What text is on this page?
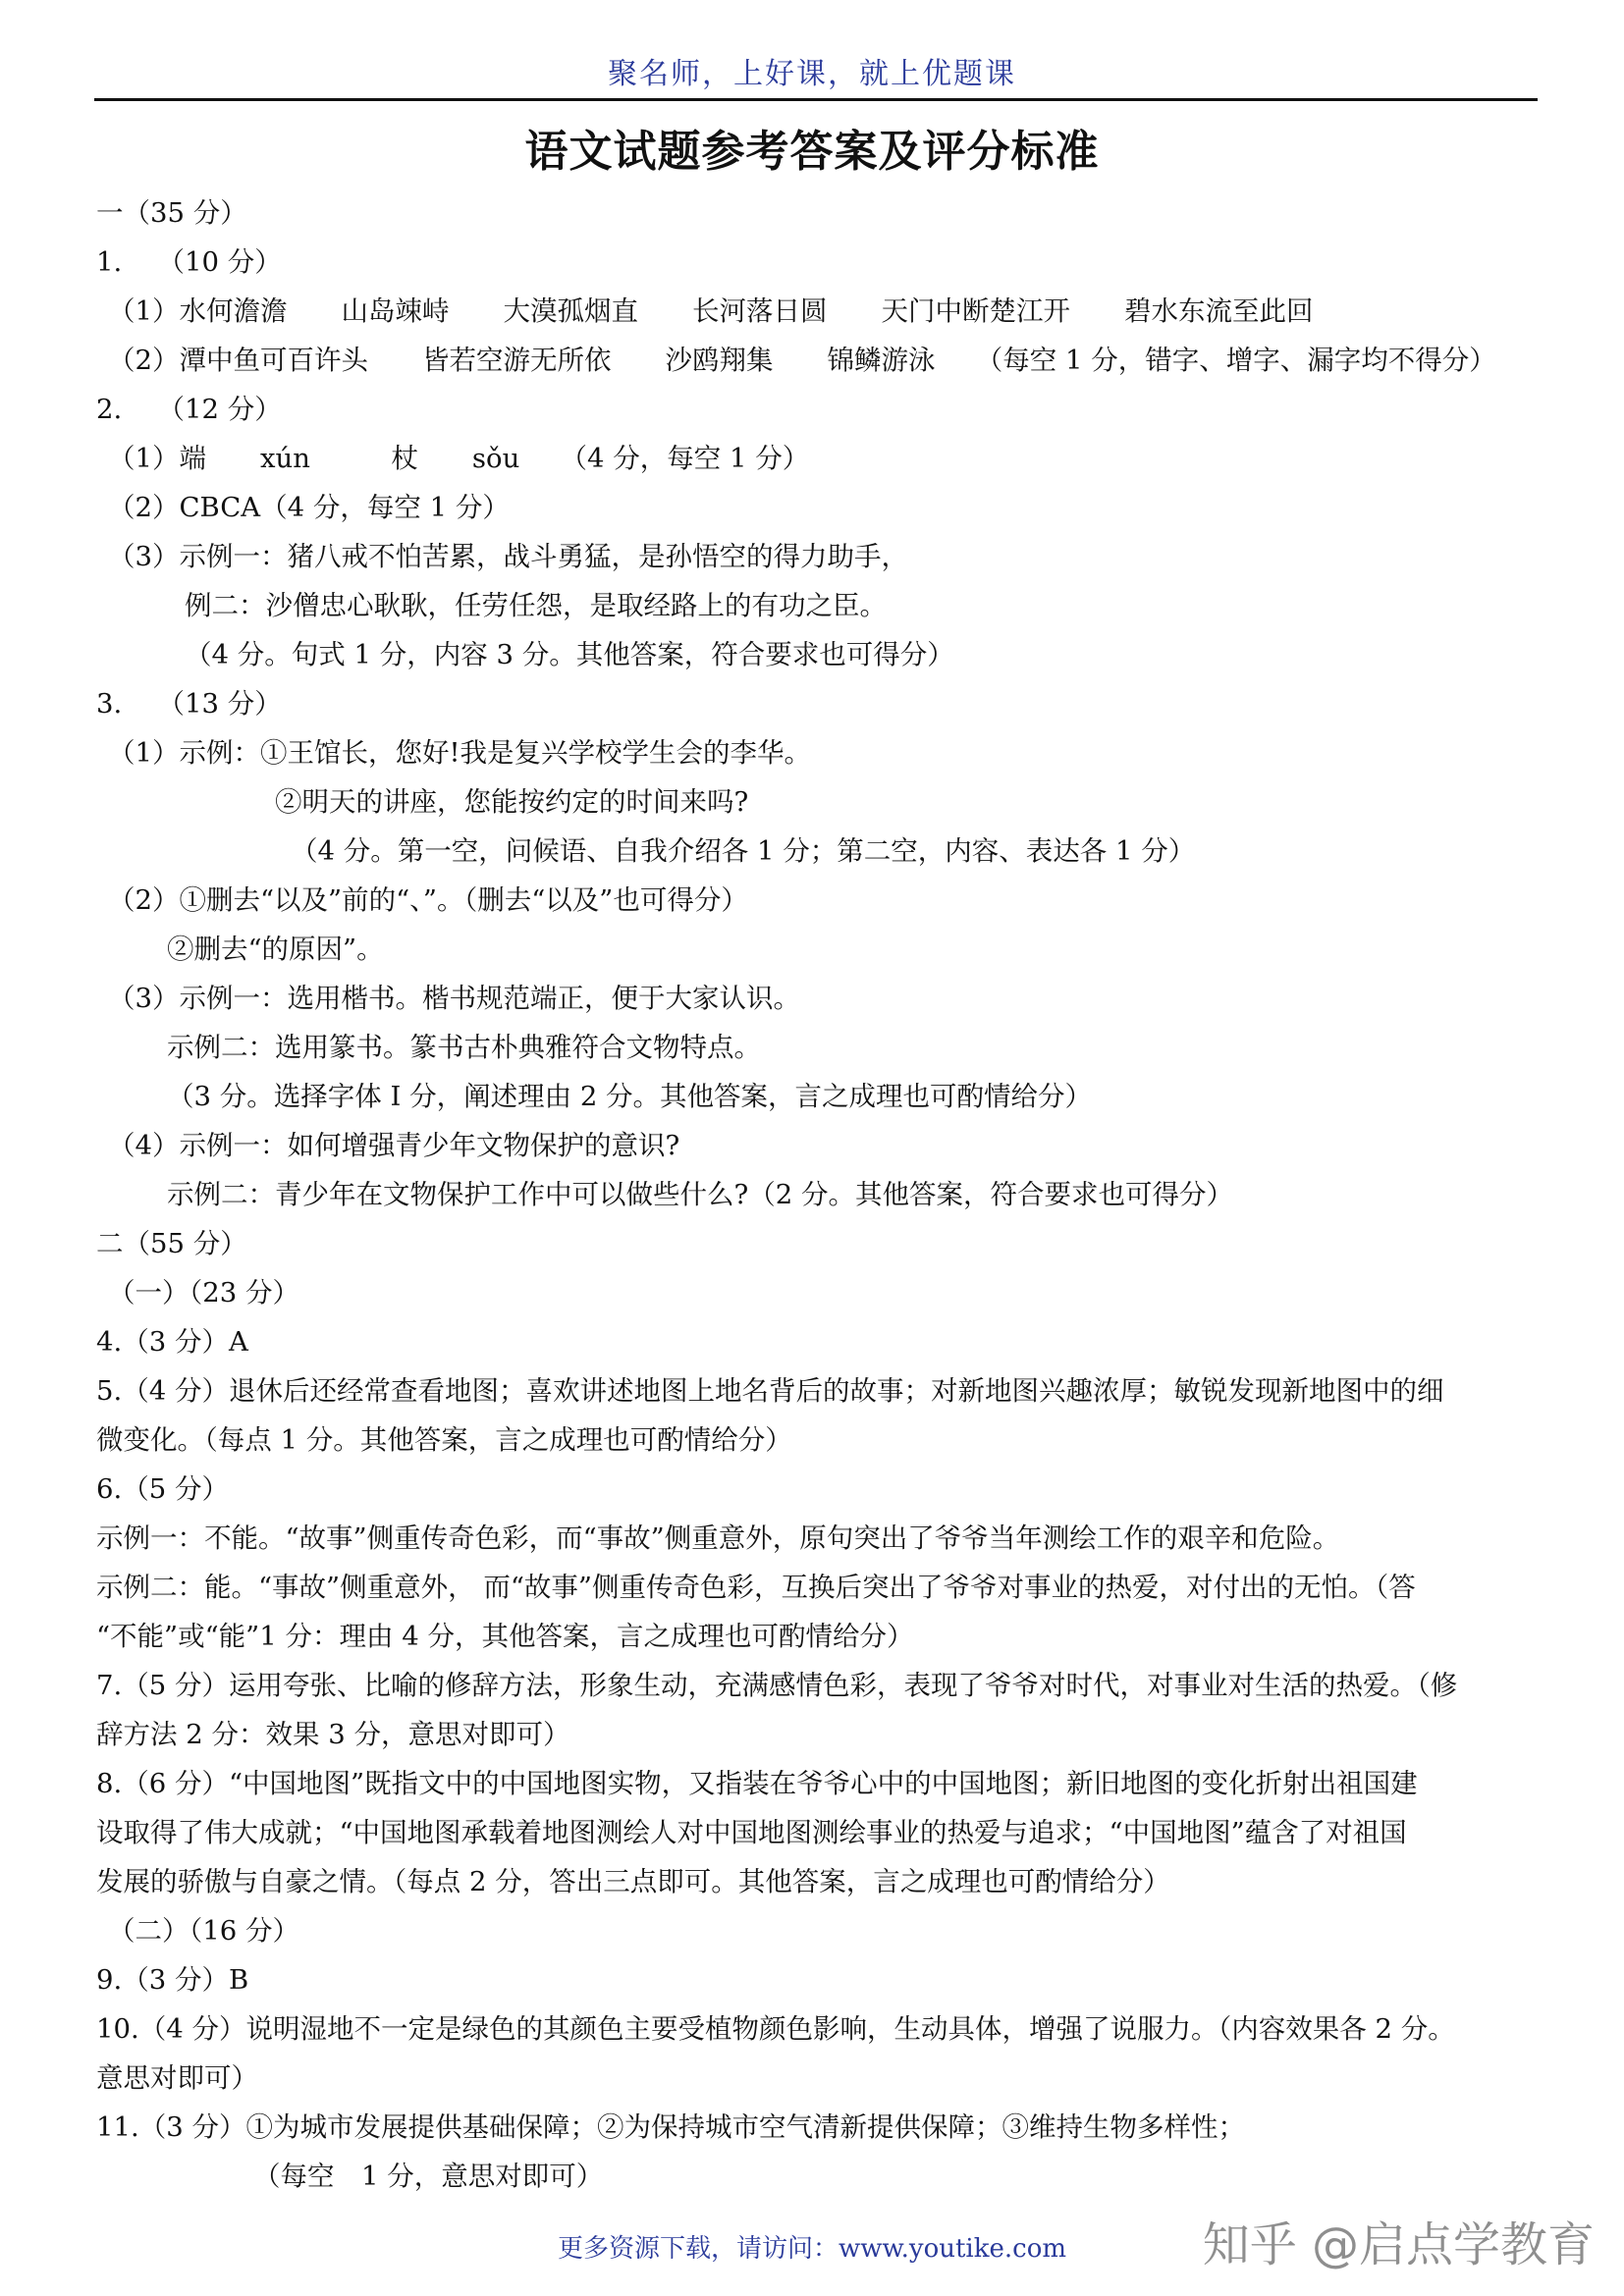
聚名师，上好课，就上优题课
语文试题参考答案及评分标准
一（35 分）
1.　 （10 分）
（1）水何澹澹　　山岛竦峙　　大漠孤烟直　　长河落日圆　　天门中断楚江开　　碧水东流至此回
（2）潭中鱼可百许头　　皆若空游无所依　　沙鸥翔集　　锦鳞游泳　　（每空 1 分，错字、增字、漏字均不得分）
2.　 （12 分）
（1）端　　xún　　　杖　　sǒu　　（4 分，每空 1 分）
（2）CBCA（4 分，每空 1 分）
（3）示例一：猪八戒不怕苦累，战斗勇猛，是孙悟空的得力助手，
例二：沙僧忠心耿耿，任劳任怨，是取经路上的有功之臣。
（4 分。句式 1 分，内容 3 分。其他答案，符合要求也可得分）
3.　 （13 分）
（1）示例：①王馆长，您好!我是复兴学校学生会的李华。
②明天的讲座，您能按约定的时间来吗?
（4 分。第一空，问候语、自我介绍各 1 分；第二空，内容、表达各 1 分）
（2）①删去“以及”前的“、”。（删去“以及”也可得分）
②删去“的原因”。
（3）示例一：选用楷书。楷书规范端正，便于大家认识。
示例二：选用篆书。篆书古朴典雅符合文物特点。
（3 分。选择字体 I 分，阐述理由 2 分。其他答案，言之成理也可酌情给分）
（4）示例一：如何增强青少年文物保护的意识?
示例二：青少年在文物保护工作中可以做些什么?（2 分。其他答案，符合要求也可得分）
二（55 分）
（一）（23 分）
4.（3 分）A
5.（4 分）退休后还经常查看地图；喜欢讲述地图上地名背后的故事；对新地图兴趣浓厚；敏锐发现新地图中的细
微变化。（每点 1 分。其他答案，言之成理也可酌情给分）
6.（5 分）
示例一：不能。“故事”侧重传奇色彩，而“事故”侧重意外，原句突出了爷爷当年测绘工作的艰辛和危险。
示例二：能。“事故”侧重意外， 而“故事”侧重传奇色彩，互换后突出了爷爷对事业的热爱，对付出的无怕。（答
“不能”或“能”1 分：理由 4 分，其他答案，言之成理也可酌情给分）
7.（5 分）运用夸张、比喻的修辞方法，形象生动，充满感情色彩，表现了爷爷对时代，对事业对生活的热爱。（修
辞方法 2 分：效果 3 分，意思对即可）
8.（6 分）“中国地图”既指文中的中国地图实物，又指装在爷爷心中的中国地图；新旧地图的变化折射出祖国建
设取得了伟大成就；“中国地图承载着地图测绘人对中国地图测绘事业的热爱与追求；“中国地图”蕴含了对祖国
发展的骄傲与自豪之情。（每点 2 分，答出三点即可。其他答案，言之成理也可酌情给分）
（二）（16 分）
9.（3 分）B
10.（4 分）说明湿地不一定是绿色的其颜色主要受植物颜色影响，生动具体，增强了说服力。（内容效果各 2 分。
意思对即可）
11.（3 分）①为城市发展提供基础保障；②为保持城市空气清新提供保障；③维持生物多样性；
（每空　1 分，意思对即可）
更多资源下载，请访问：www.youtike.com	知乎 @启点学教育
